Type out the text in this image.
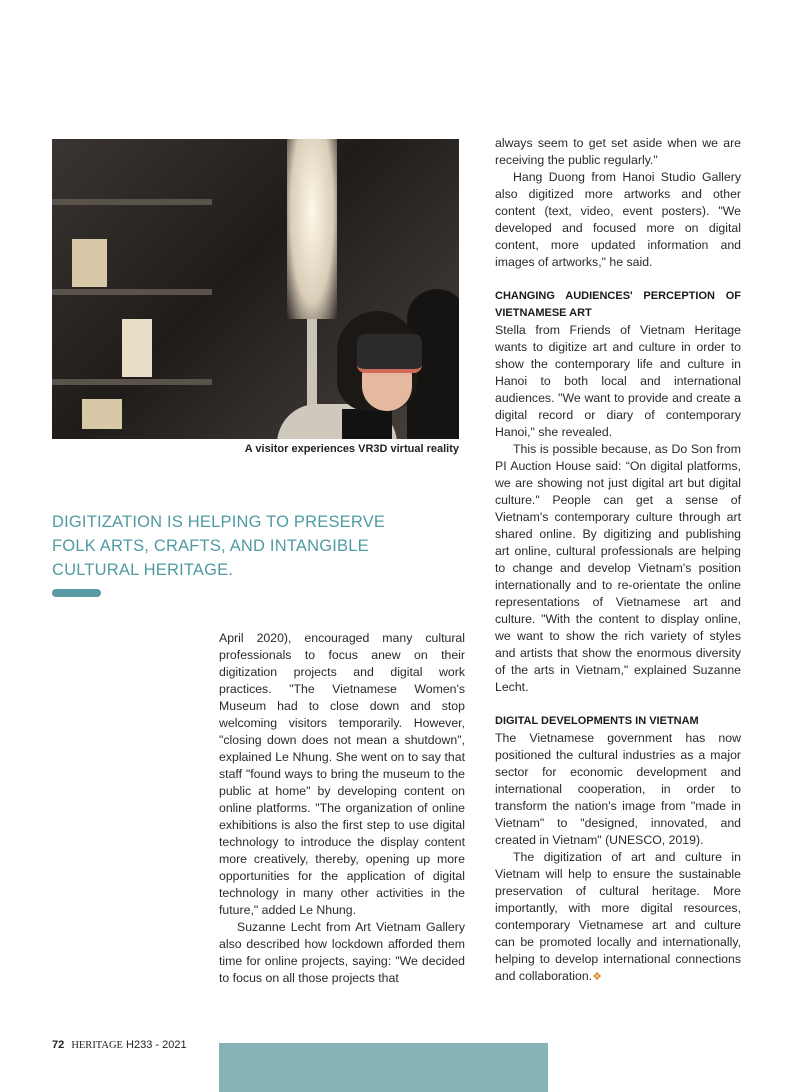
A visitor experiences VR3D virtual reality
DIGITIZATION IS HELPING TO PRESERVE
FOLK ARTS, CRAFTS, AND INTANGIBLE
CULTURAL HERITAGE.

April 2020), encouraged many cultural professionals to focus anew on their digitization projects and digital work practices. "The Vietnamese Women's Museum had to close down and stop welcoming visitors temporarily. However, "closing down does not mean a shutdown", explained Le Nhung. She went on to say that staff "found ways to bring the museum to the public at home" by developing content on online platforms. "The organization of online exhibitions is also the first step to use digital technology to introduce the display content more creatively, thereby, opening up more opportunities for the application of digital technology in many other activities in the future," added Le Nhung.

Suzanne Lecht from Art Vietnam Gallery also described how lockdown afforded them time for online projects, saying: "We decided to focus on all those projects that

always seem to get set aside when we are receiving the public regularly."

Hang Duong from Hanoi Studio Gallery also digitized more artworks and other content (text, video, event posters). "We developed and focused more on digital content, more updated information and images of artworks," he said.

CHANGING AUDIENCES' PERCEPTION OF VIETNAMESE ART

Stella from Friends of Vietnam Heritage wants to digitize art and culture in order to show the contemporary life and culture in Hanoi to both local and international audiences. "We want to provide and create a digital record or diary of contemporary Hanoi," she revealed.

This is possible because, as Do Son from PI Auction House said: “On digital platforms, we are showing not just digital art but digital culture." People can get a sense of Vietnam's contemporary culture through art shared online. By digitizing and publishing art online, cultural professionals are helping to change and develop Vietnam's position internationally and to re-orientate the online representations of Vietnamese art and culture. "With the content to display online, we want to show the rich variety of styles and artists that show the enormous diversity of the arts in Vietnam," explained Suzanne Lecht.

DIGITAL DEVELOPMENTS IN VIETNAM

The Vietnamese government has now positioned the cultural industries as a major sector for economic development and international cooperation, in order to transform the nation's image from "made in Vietnam" to "designed, innovated, and created in Vietnam" (UNESCO, 2019).

The digitization of art and culture in Vietnam will help to ensure the sustainable preservation of cultural heritage. More importantly, with more digital resources, contemporary Vietnamese art and culture can be promoted locally and internationally, helping to develop international connections and collaboration.❖

72 HERITAGE H233 - 2021
